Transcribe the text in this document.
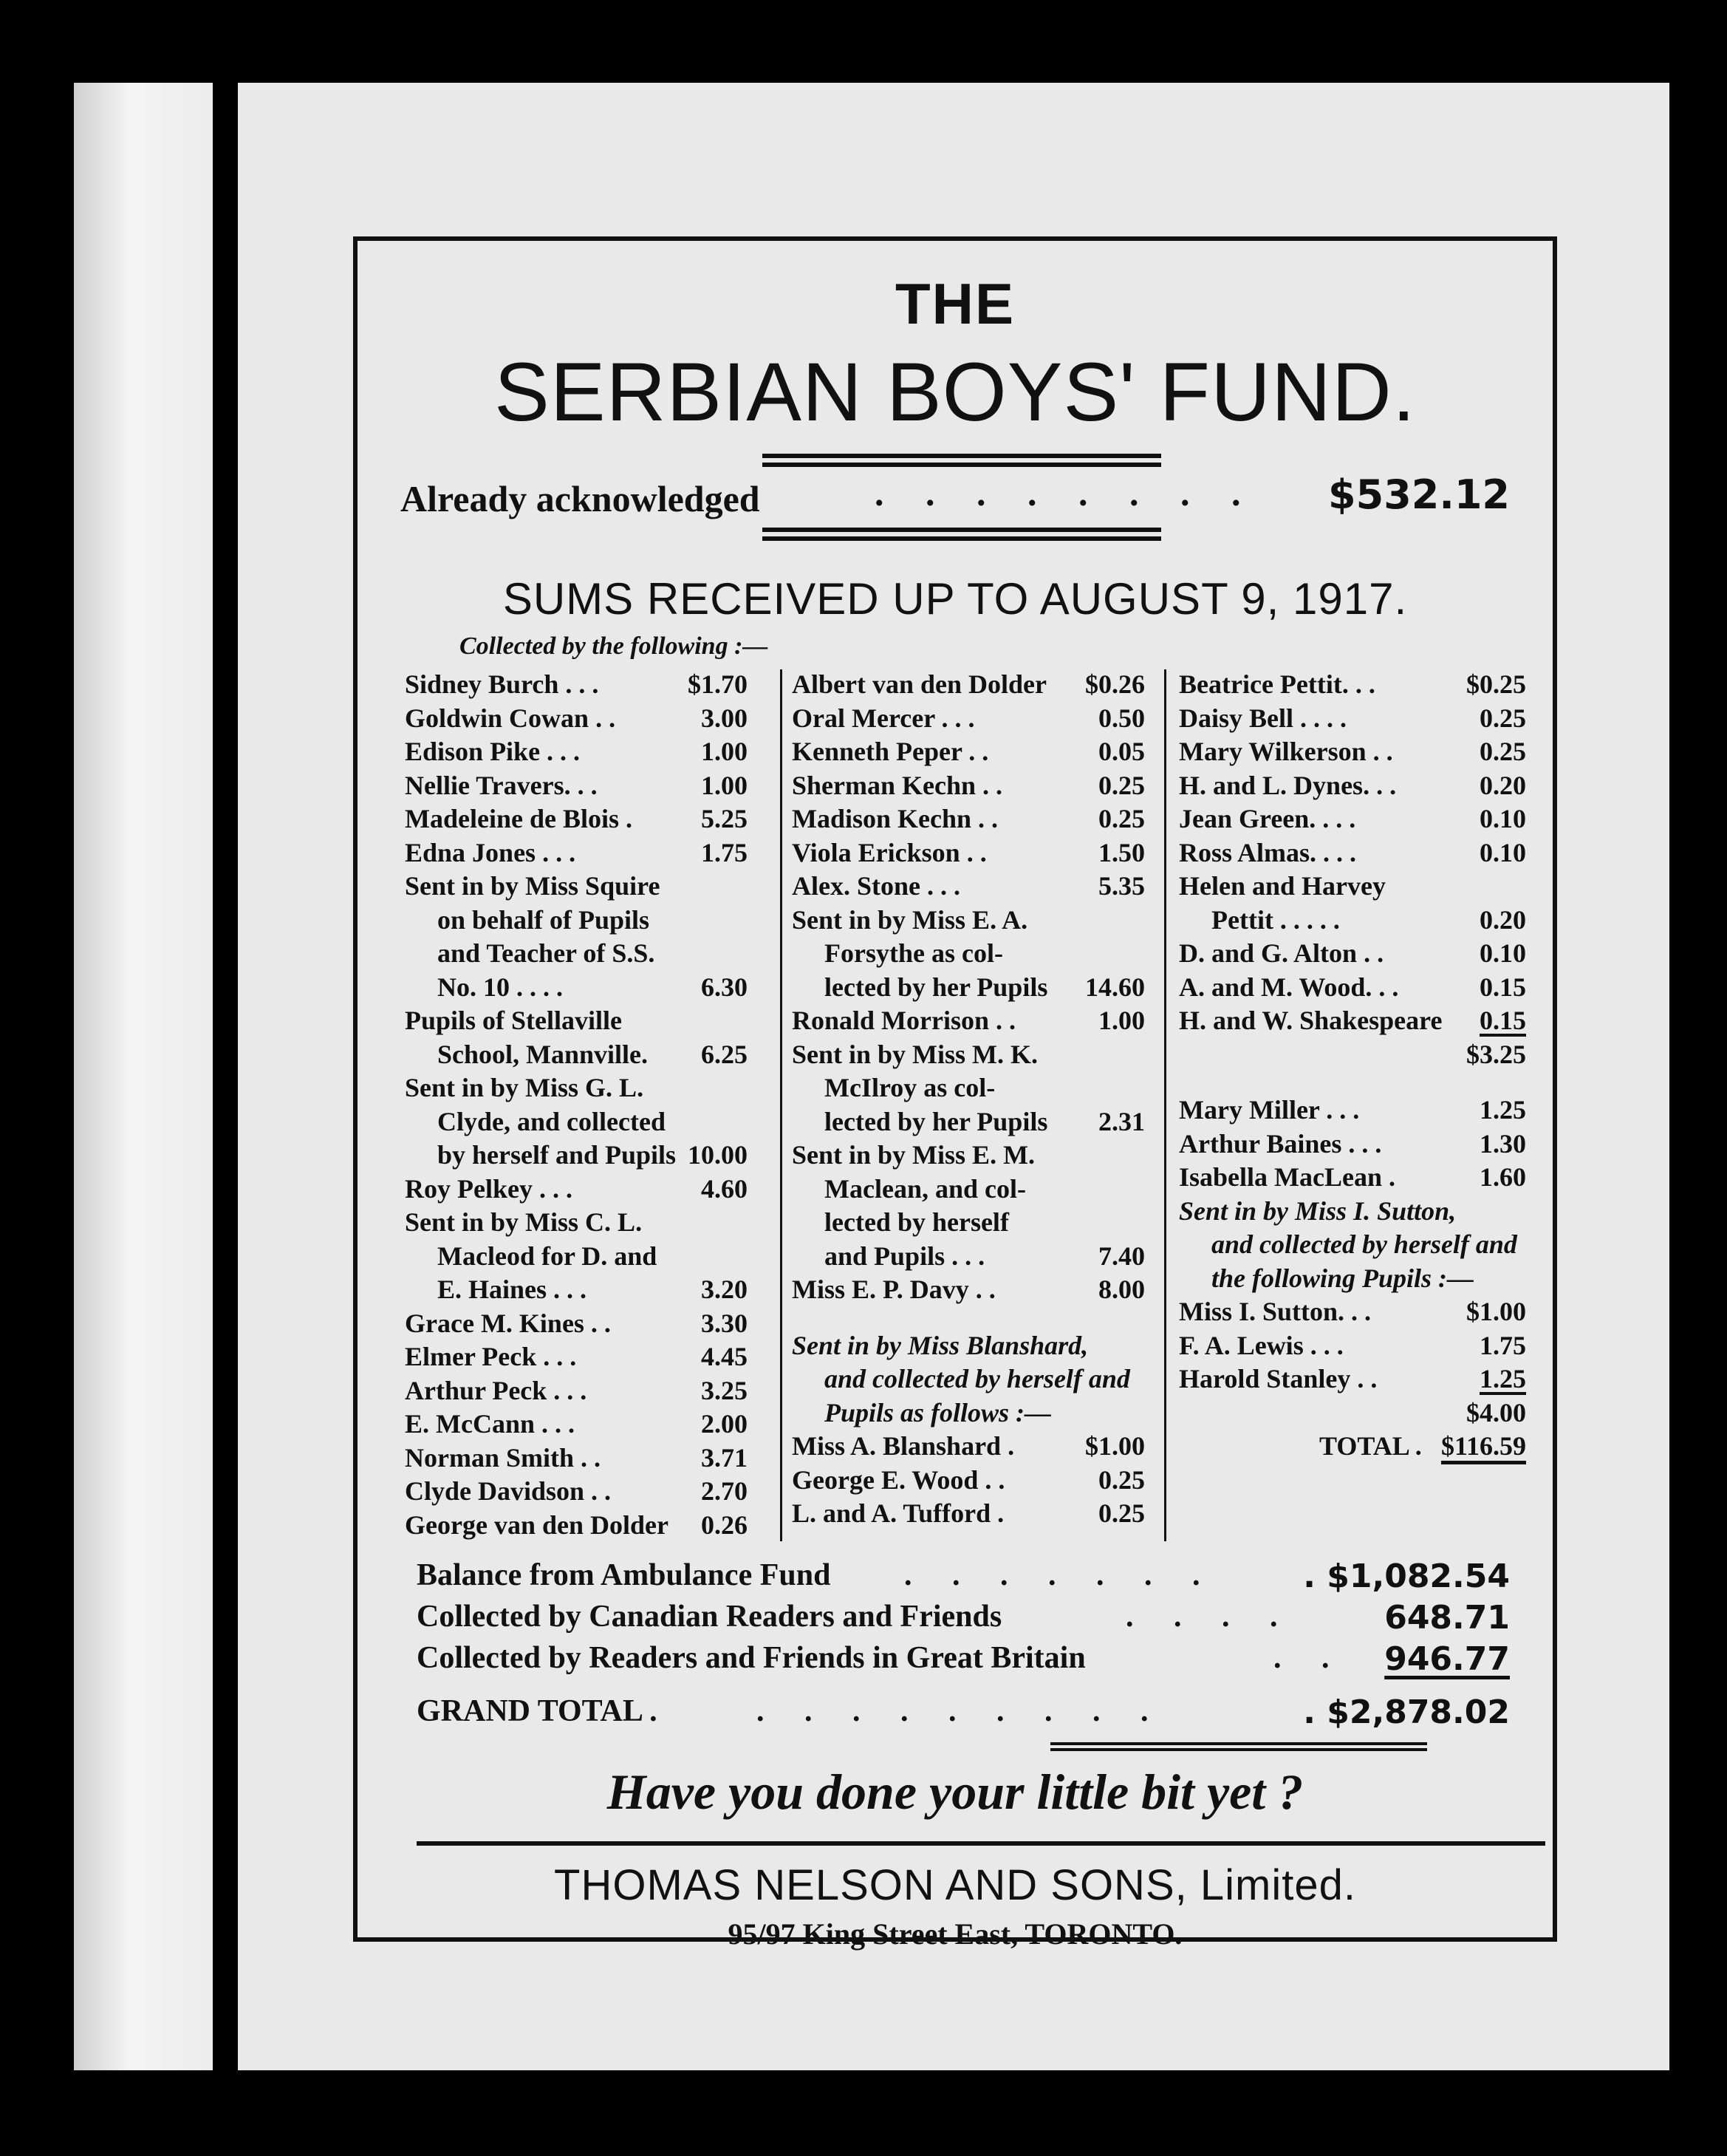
THE
SERBIAN BOYS' FUND.
Already acknowledged	. . . . . . . . $532.12
SUMS RECEIVED UP TO AUGUST 9, 1917.
Collected by the following :—
Sidney Burch . . .	$1.70
Goldwin Cowan . .	3.00
Edison Pike . . .	1.00
Nellie Travers. . .	1.00
Madeleine de Blois .	5.25
Edna Jones . . .	1.75
Sent in by Miss Squire
on behalf of Pupils
and Teacher of S.S.
No. 10 . . . .	6.30
Pupils of Stellaville
School, Mannville. 6.25
Sent in by Miss G. L.
Clyde, and collected
by herself and Pupils 10.00
Roy Pelkey . . .	4.60
Sent in by Miss C. L.
Macleod for D. and
E. Haines . . .	3.20
Grace M. Kines . .	3.30
Elmer Peck . . .	4.45
Arthur Peck . . .	3.25
E. McCann . . .	2.00
Norman Smith . .	3.71
Clyde Davidson . .	2.70
George van den Dolder 0.26
Albert van den Dolder $0.26
Oral Mercer . . .	0.50
Kenneth Peper . .	0.05
Sherman Kechn . .	0.25
Madison Kechn . .	0.25
Viola Erickson . .	1.50
Alex. Stone . . .	5.35
Sent in by Miss E. A.
Forsythe as col-
lected by her Pupils 14.60
Ronald Morrison . .	1.00
Sent in by Miss M. K.
McIlroy as col-
lected by her Pupils 2.31
Sent in by Miss E. M.
Maclean, and col-
lected by herself
and Pupils . . .	7.40
Miss E. P. Davy . .	8.00
Sent in by Miss Blanshard,
and collected by herself and
Pupils as follows :—
Miss A. Blanshard .	$1.00
George E. Wood . .	0.25
L. and A. Tufford .	0.25
Beatrice Pettit. . .	$0.25
Daisy Bell . . . .	0.25
Mary Wilkerson . .	0.25
H. and L. Dynes. . .	0.20
Jean Green. . . .	0.10
Ross Almas. . . .	0.10
Helen and Harvey
Pettit . . . . .	0.20
D. and G. Alton . .	0.10
A. and M. Wood. . .	0.15
H. and W. Shakespeare 0.15
$3.25
Mary Miller . . .	1.25
Arthur Baines . . .	1.30
Isabella MacLean .	1.60
Sent in by Miss I. Sutton,
and collected by herself and
the following Pupils :—
Miss I. Sutton. . .	$1.00
F. A. Lewis . . .	1.75
Harold Stanley . .	1.25
$4.00
TOTAL . $116.59
Balance from Ambulance Fund . . . . . . .	. $1,082.54
Collected by Canadian Readers and Friends	. . . .	648.71
Collected by Readers and Friends in Great Britain	. . 946.77
GRAND TOTAL .	. . . . . . . . .	. $2,878.02
Have you done your little bit yet ?
THOMAS NELSON AND SONS, Limited.
95/97 King Street East, TORONTO.
